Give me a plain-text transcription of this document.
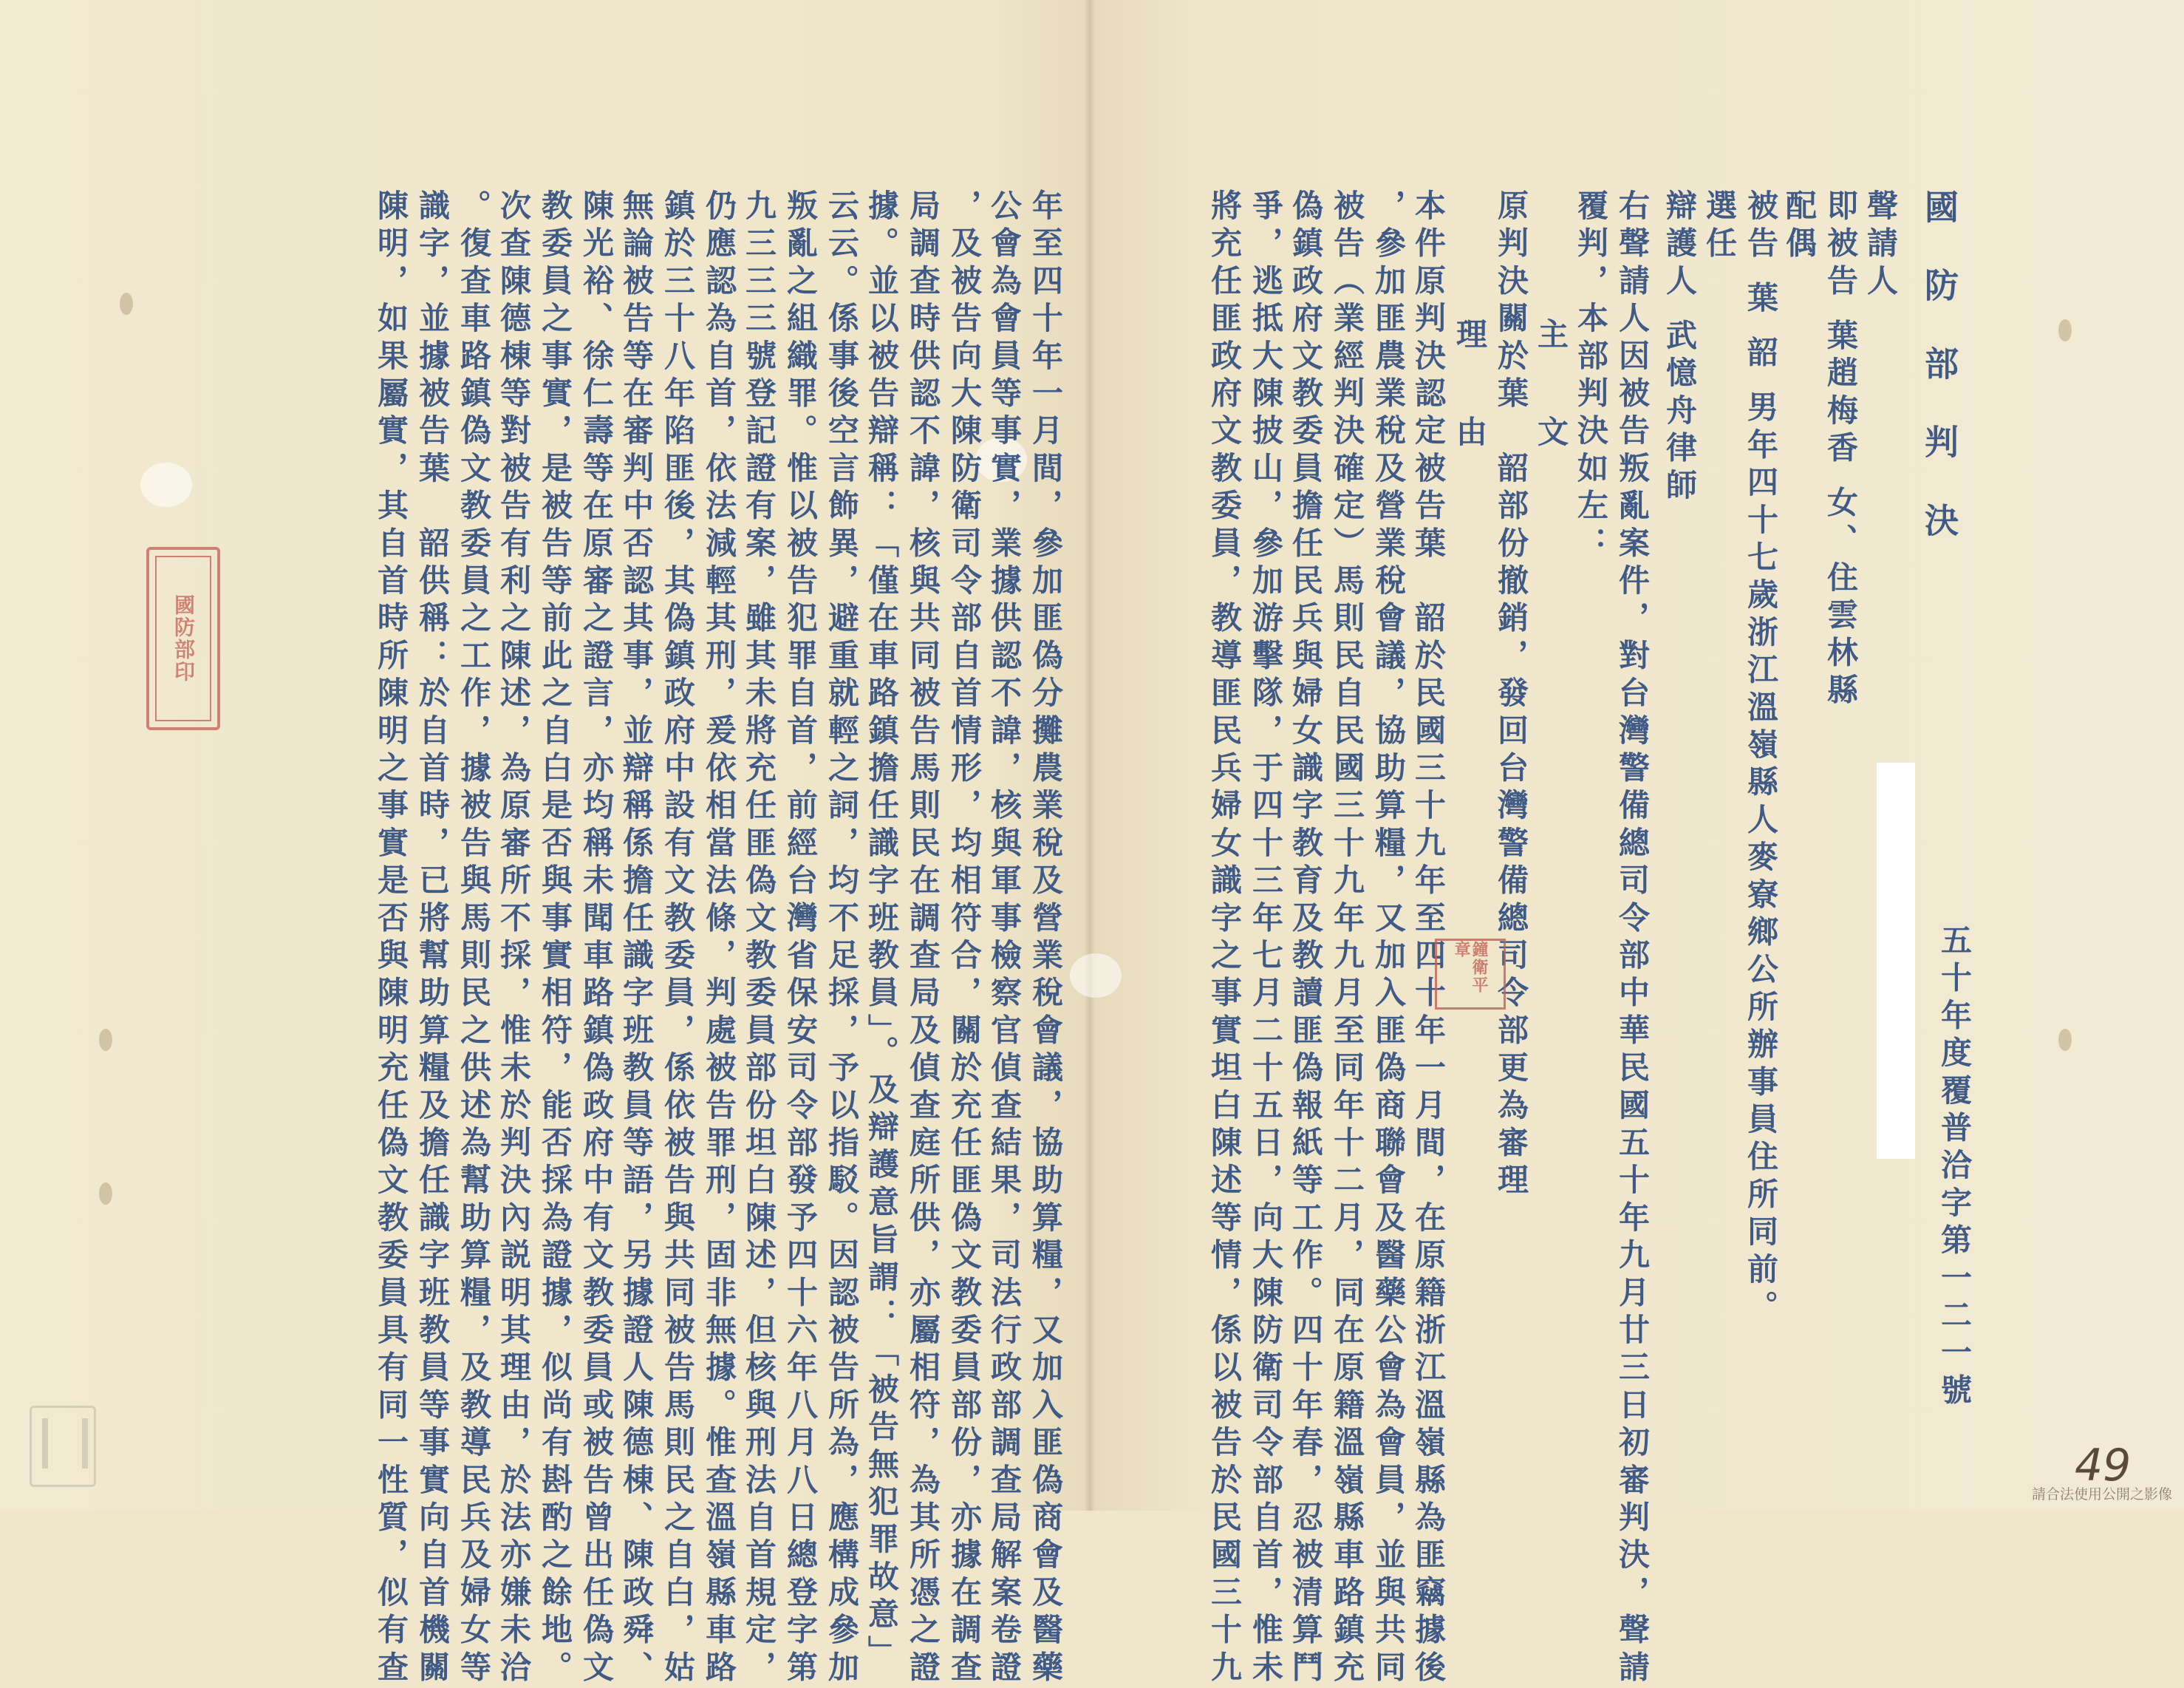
五十年度覆普洽字第一二一號
國防部判決
聲請人
即被告 葉趙梅香 女、住雲林縣
配偶
被告 葉 韶 男年四十七歲浙江溫嶺縣人麥寮鄉公所辦事員住所同前。
選任
辯護人 武憶舟律師
右聲請人因被告叛亂案件，對台灣警備總司令部中華民國五十年九月廿三日初審判決，聲請
覆判，本部判決如左：
主　文
原判決關於葉　韶部份撤銷，發回台灣警備總司令部更為審理
理　由
本件原判決認定被告葉　韶於民國三十九年至四十年一月間，在原籍浙江溫嶺縣為匪竊據後
，參加匪農業稅及營業稅會議，協助算糧，又加入匪偽商聯會及醫藥公會為會員，並與共同
被告（業經判決確定）馬則民自民國三十九年九月至同年十二月，同在原籍溫嶺縣車路鎮充
偽鎮政府文教委員擔任民兵與婦女識字教育及教讀匪偽報紙等工作。四十年春，忍被清算鬥
爭，逃抵大陳披山，參加游擊隊，于四十三年七月二十五日，向大陳防衛司令部自首，惟未
將充任匪政府文教委員，教導匪民兵婦女識字之事實坦白陳述等情，係以被告於民國三十九
年至四十年一月間，參加匪偽分攤農業稅及營業稅會議，協助算糧，又加入匪偽商會及醫藥
公會為會員等事實，業據供認不諱，核與軍事檢察官偵查結果，司法行政部調查局解案卷證
，及被告向大陳防衛司令部自首情形，均相符合，關於充任匪偽文教委員部份，亦據在調查
局調查時供認不諱，核與共同被告馬則民在調查局及偵查庭所供，亦屬相符，為其所憑之證
據。並以被告辯稱：「僅在車路鎮擔任識字班教員」。及辯護意旨謂：「被告無犯罪故意」
云云。係事後空言飾異，避重就輕之詞，均不足採，予以指駁。因認被告所為，應構成參加
叛亂之組織罪。惟以被告犯罪自首，前經台灣省保安司令部發予四十六年八月八日總登字第
九三三三號登記證有案，雖其未將充任匪偽文教委員部份坦白陳述，但核與刑法自首規定，
仍應認為自首，依法減輕其刑，爰依相當法條，判處被告罪刑，固非無據。惟查溫嶺縣車路
鎮於三十八年陷匪後，其偽鎮政府中設有文教委員，係依被告與共同被告馬則民之自白，姑
無論被告等在審判中否認其事，並辯稱係擔任識字班教員等語，另據證人陳德棟、陳政舜、
陳光裕、徐仁壽等在原審之證言，亦均稱未聞車路鎮偽政府中有文教委員或被告曾出任偽文
教委員之事實，是被告等前此之自白是否與事實相符，能否採為證據，似尚有斟酌之餘地。
次查陳德棟等對被告有利之陳述，為原審所不採，惟未於判決內説明其理由，於法亦嫌未洽
。復查車路鎮偽文教委員之工作，據被告與馬則民之供述為幫助算糧，及教導民兵及婦女等
識字，並據被告葉　韶供稱：於自首時，已將幫助算糧及擔任識字班教員等事實向自首機關
陳明，如果屬實，其自首時所陳明之事實是否與陳明充任偽文教委員具有同一性質，似有查
國防部印
鐘衛平章
49
請合法使用公開之影像
